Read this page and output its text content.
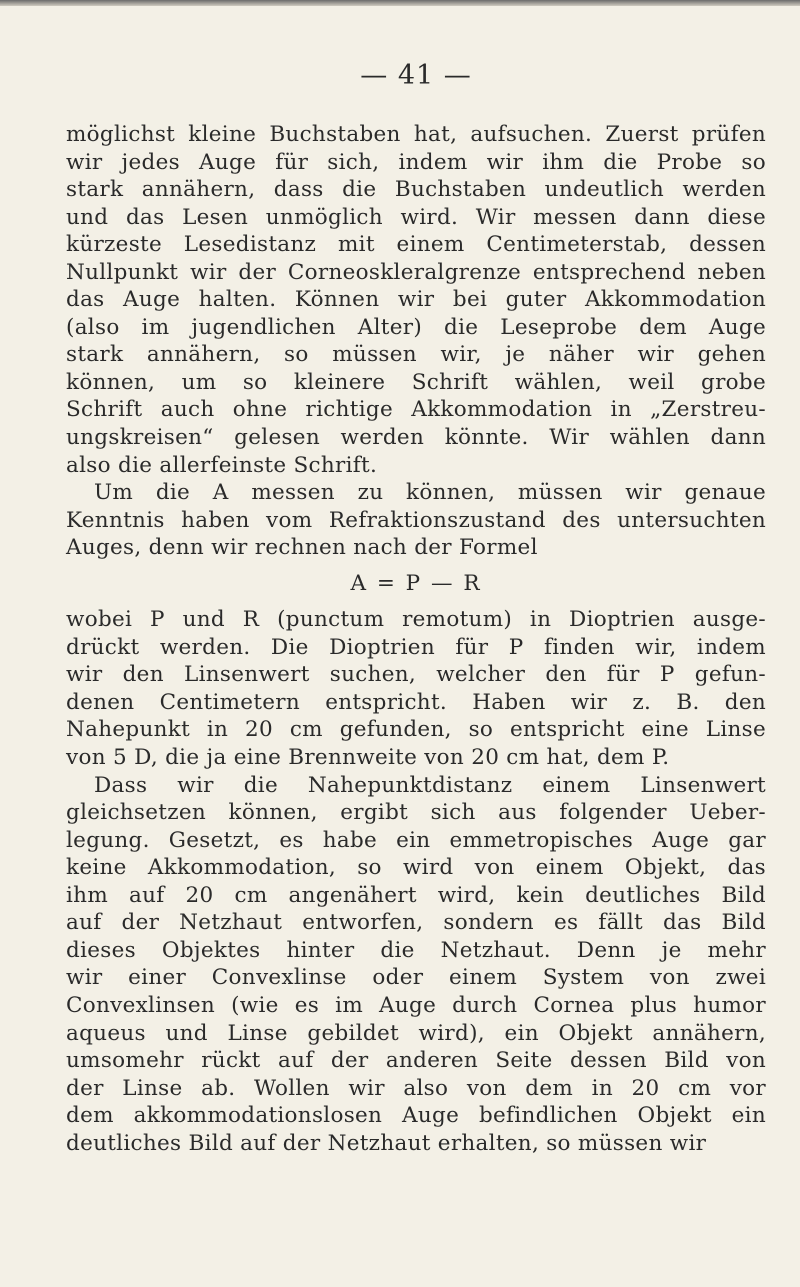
— 41 —
möglichst kleine Buchstaben hat, aufsuchen. Zuerst prüfen
wir jedes Auge für sich, indem wir ihm die Probe so
stark annähern, dass die Buchstaben undeutlich werden
und das Lesen unmöglich wird. Wir messen dann diese
kürzeste Lesedistanz mit einem Centimeterstab, dessen
Nullpunkt wir der Corneoskleralgrenze entsprechend neben
das Auge halten. Können wir bei guter Akkommodation
(also im jugendlichen Alter) die Leseprobe dem Auge
stark annähern, so müssen wir, je näher wir gehen
können, um so kleinere Schrift wählen, weil grobe
Schrift auch ohne richtige Akkommodation in „Zerstreu-
ungskreisen“ gelesen werden könnte. Wir wählen dann
also die allerfeinste Schrift.
Um die A messen zu können, müssen wir genaue
Kenntnis haben vom Refraktionszustand des untersuchten
Auges, denn wir rechnen nach der Formel
A = P — R
wobei P und R (punctum remotum) in Dioptrien ausge-
drückt werden. Die Dioptrien für P finden wir, indem
wir den Linsenwert suchen, welcher den für P gefun-
denen Centimetern entspricht. Haben wir z. B. den
Nahepunkt in 20 cm gefunden, so entspricht eine Linse
von 5 D, die ja eine Brennweite von 20 cm hat, dem P.
Dass wir die Nahepunktdistanz einem Linsenwert
gleichsetzen können, ergibt sich aus folgender Ueber-
legung. Gesetzt, es habe ein emmetropisches Auge gar
keine Akkommodation, so wird von einem Objekt, das
ihm auf 20 cm angenähert wird, kein deutliches Bild
auf der Netzhaut entworfen, sondern es fällt das Bild
dieses Objektes hinter die Netzhaut. Denn je mehr
wir einer Convexlinse oder einem System von zwei
Convexlinsen (wie es im Auge durch Cornea plus humor
aqueus und Linse gebildet wird), ein Objekt annähern,
umsomehr rückt auf der anderen Seite dessen Bild von
der Linse ab. Wollen wir also von dem in 20 cm vor
dem akkommodationslosen Auge befindlichen Objekt ein
deutliches Bild auf der Netzhaut erhalten, so müssen wir
